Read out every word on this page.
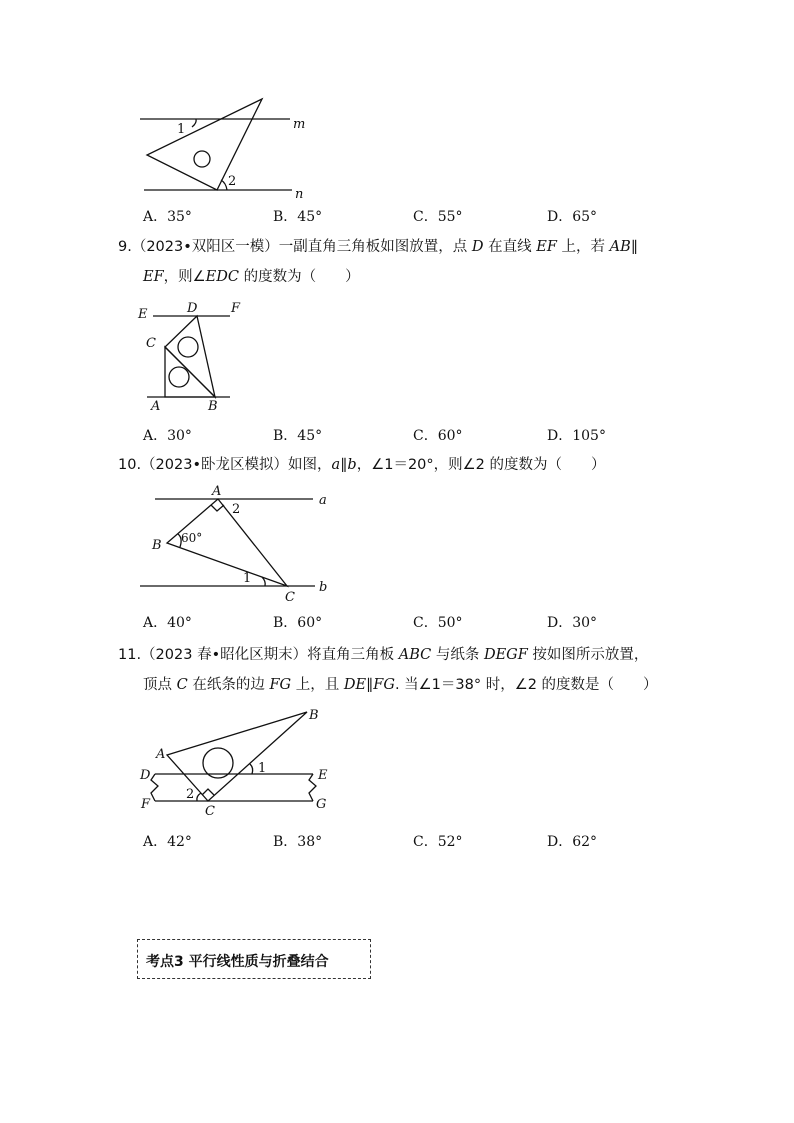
1
2
m
n
A．35°	B．45°	C．55°	D．65°
9.（2023•双阳区一模）一副直角三角板如图放置，点 D 在直线 EF 上，若 AB∥
EF，则∠EDC 的度数为（　　）
E	D	F
C
A	B
A．30°	B．45°	C．60°	D．105°
10.（2023•卧龙区模拟）如图，a∥b，∠1＝20°，则∠2 的度数为（　　）
A
B
C
a
b
60°
1
2
A．40°	B．60°	C．50°	D．30°
11.（2023 春•昭化区期末）将直角三角板 ABC 与纸条 DEGF 按如图所示放置，
顶点 C 在纸条的边 FG 上，且 DE∥FG. 当∠1＝38° 时，∠2 的度数是（　　）
A
B
C
D	E
F	G
1
2
A．42°	B．38°	C．52°	D．62°
考点3 平行线性质与折叠结合
